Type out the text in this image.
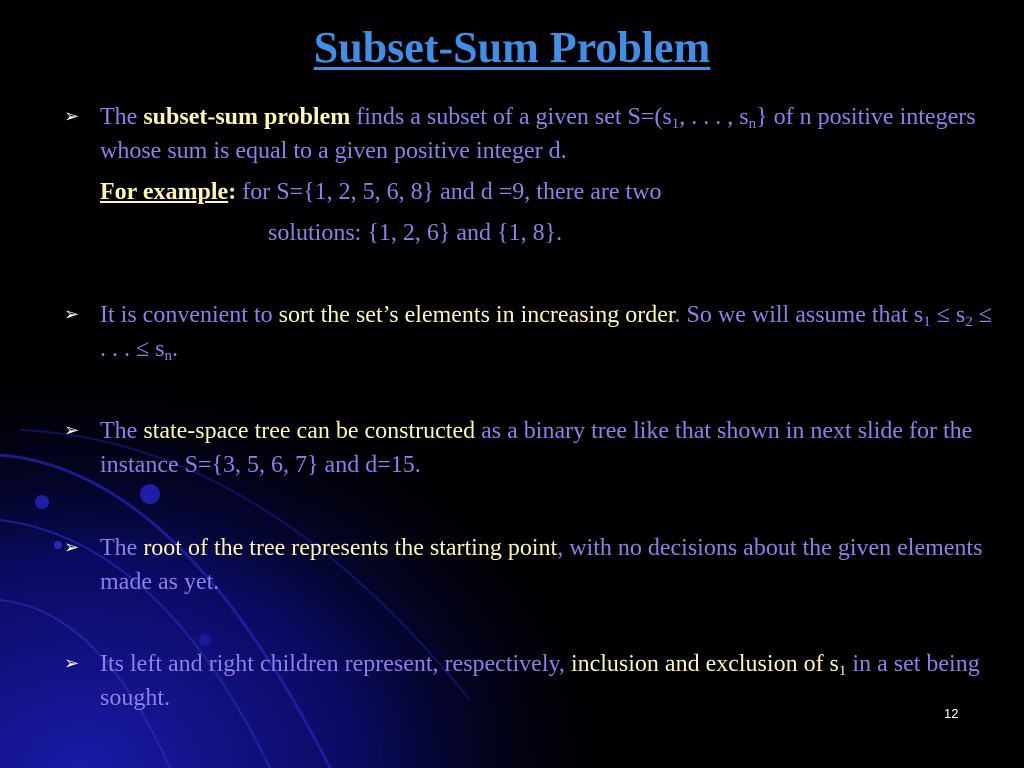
Subset-Sum Problem
➢ The subset-sum problem finds a subset of a given set $S=(s_1$, . . . , $s_n$} of n positive integers whose sum is equal to a given positive integer d.
For example: for S={1, 2, 5, 6, 8} and d =9, there are two
solutions: {1, 2, 6} and {1, 8}.
➢ It is convenient to sort the set’s elements in increasing order. So we will assume that $s_1 \le s_2$ ≤ . . . ≤ $s_n$.
➢ The state-space tree can be constructed as a binary tree like that shown in next slide for the instance S={3, 5, 6, 7} and d=15.
➢ The root of the tree represents the starting point, with no decisions about the given elements made as yet.
➢ Its left and right children represent, respectively, inclusion and exclusion of $s_1$ in a set being sought.
12
